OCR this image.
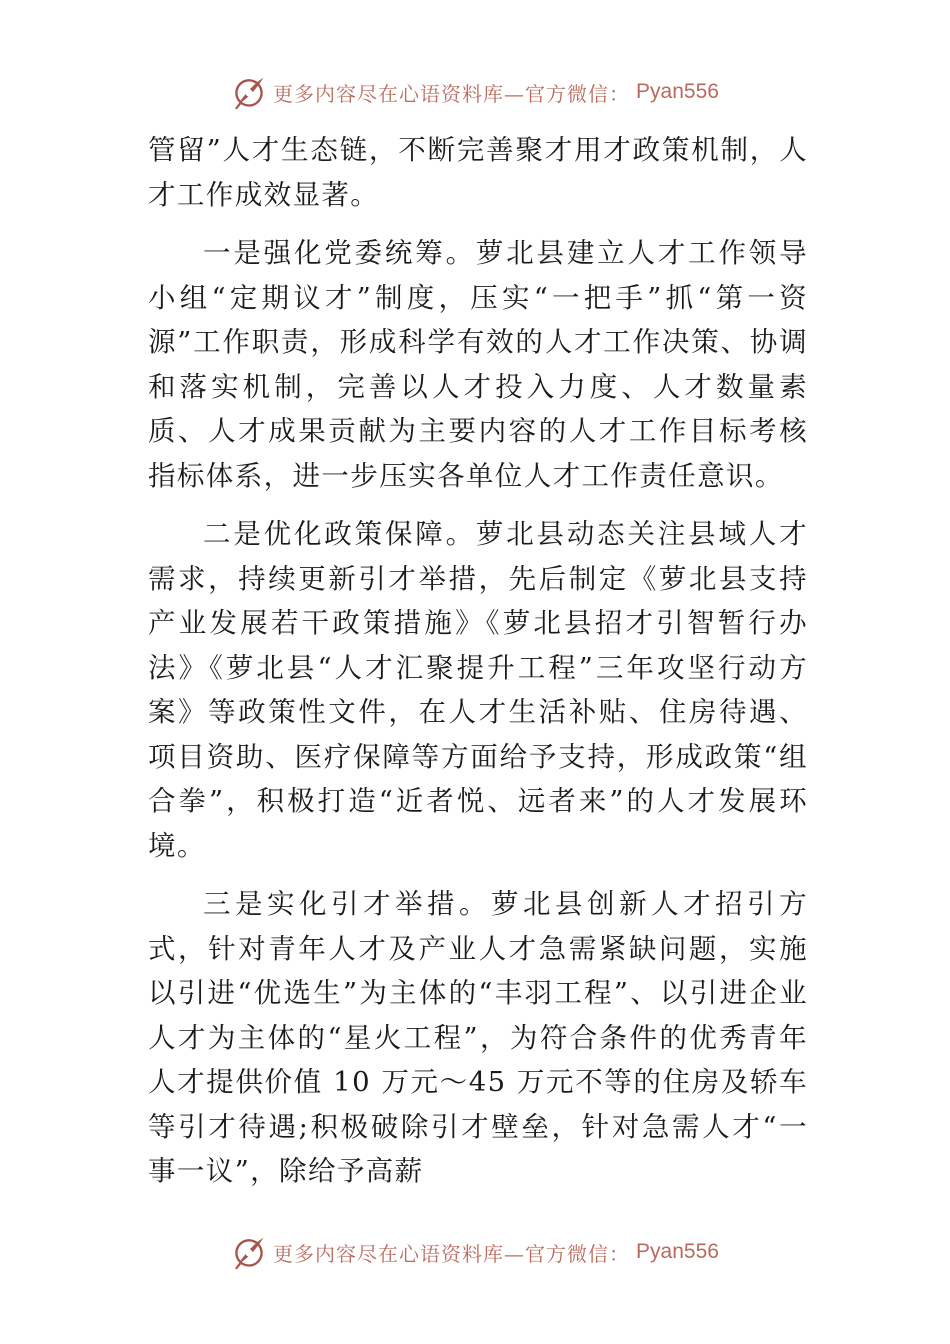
更多内容尽在心语资料库—官方微信： Pyan556

管留”人才生态链，不断完善聚才用才政策机制，人才工作成效显著。

一是强化党委统筹。萝北县建立人才工作领导小组“定期议才”制度，压实“一把手”抓“第一资源”工作职责，形成科学有效的人才工作决策、协调和落实机制，完善以人才投入力度、人才数量素质、人才成果贡献为主要内容的人才工作目标考核指标体系，进一步压实各单位人才工作责任意识。

二是优化政策保障。萝北县动态关注县域人才需求，持续更新引才举措，先后制定《萝北县支持产业发展若干政策措施》《萝北县招才引智暂行办法》《萝北县“人才汇聚提升工程”三年攻坚行动方案》等政策性文件，在人才生活补贴、住房待遇、项目资助、医疗保障等方面给予支持，形成政策“组合拳”，积极打造“近者悦、远者来”的人才发展环境。

三是实化引才举措。萝北县创新人才招引方式，针对青年人才及产业人才急需紧缺问题，实施以引进“优选生”为主体的“丰羽工程”、以引进企业人才为主体的“星火工程”，为符合条件的优秀青年人才提供价值 10 万元～45 万元不等的住房及轿车等引才待遇;积极破除引才壁垒，针对急需人才“一事一议”，除给予高薪

更多内容尽在心语资料库—官方微信： Pyan556
